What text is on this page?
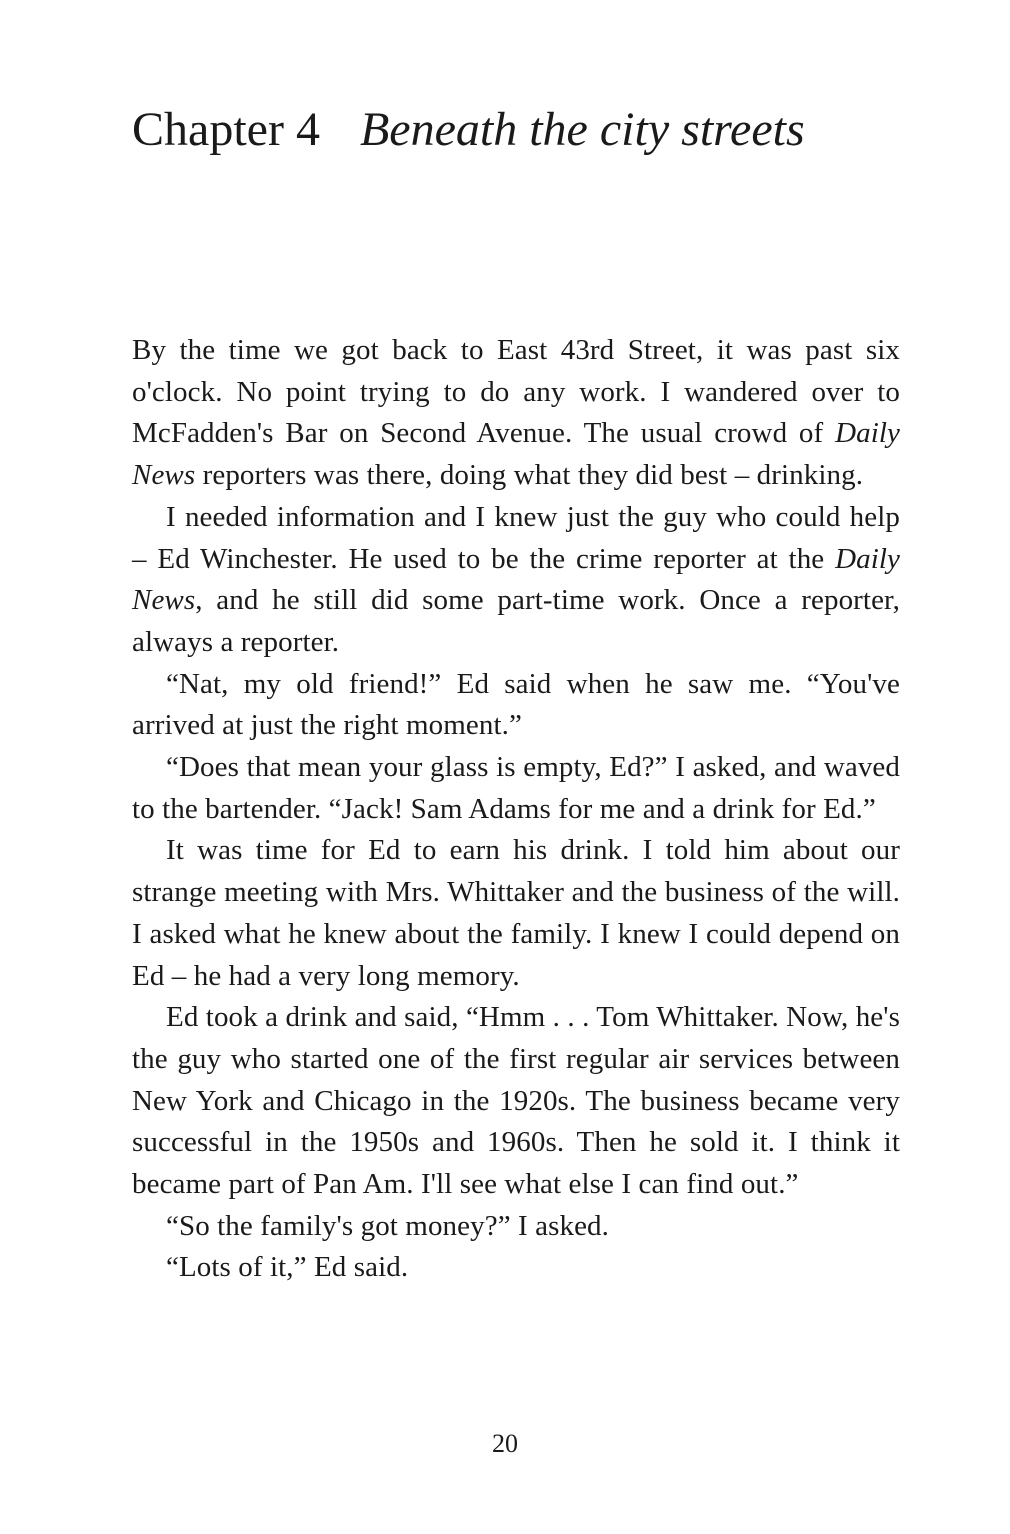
Chapter 4 Beneath the city streets

By the time we got back to East 43rd Street, it was past six o'clock. No point trying to do any work. I wandered over to McFadden's Bar on Second Avenue. The usual crowd of Daily News reporters was there, doing what they did best – drinking.

I needed information and I knew just the guy who could help – Ed Winchester. He used to be the crime reporter at the Daily News, and he still did some part-time work. Once a reporter, always a reporter.

“Nat, my old friend!” Ed said when he saw me. “You've arrived at just the right moment.”

“Does that mean your glass is empty, Ed?” I asked, and waved to the bartender. “Jack! Sam Adams for me and a drink for Ed.”

It was time for Ed to earn his drink. I told him about our strange meeting with Mrs. Whittaker and the business of the will. I asked what he knew about the family. I knew I could depend on Ed – he had a very long memory.

Ed took a drink and said, “Hmm . . . Tom Whittaker. Now, he's the guy who started one of the first regular air services between New York and Chicago in the 1920s. The business became very successful in the 1950s and 1960s. Then he sold it. I think it became part of Pan Am. I'll see what else I can find out.”

“So the family's got money?” I asked.

“Lots of it,” Ed said.

20
